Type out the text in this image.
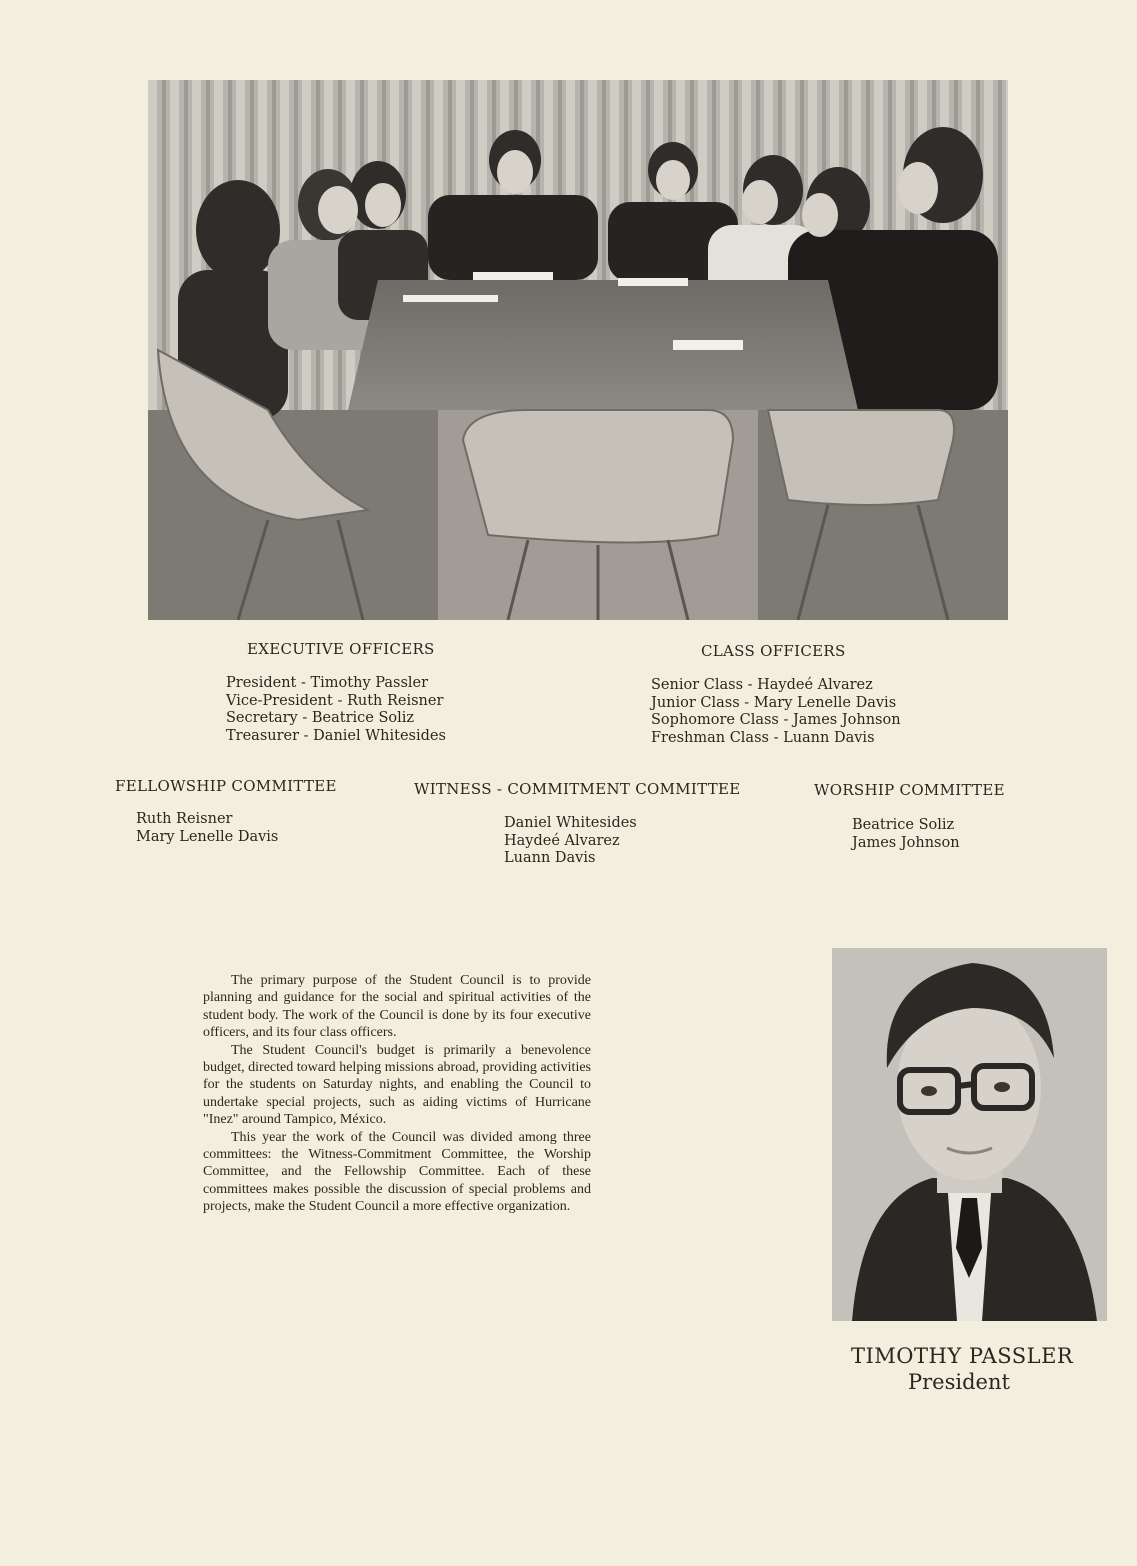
EXECUTIVE OFFICERS
President - Timothy Passler
Vice-President - Ruth Reisner
Secretary - Beatrice Soliz
Treasurer - Daniel Whitesides
CLASS OFFICERS
Senior Class - Haydeé Alvarez
Junior Class - Mary Lenelle Davis
Sophomore Class - James Johnson
Freshman Class - Luann Davis
FELLOWSHIP COMMITTEE
Ruth Reisner
Mary Lenelle Davis
WITNESS - COMMITMENT COMMITTEE
Daniel Whitesides
Haydeé Alvarez
Luann Davis
WORSHIP COMMITTEE
Beatrice Soliz
James Johnson

The primary purpose of the Student Council is to provide planning and guidance for the social and spiritual activities of the student body. The work of the Council is done by its four executive officers, and its four class officers.

The Student Council's budget is primarily a benevolence budget, directed toward helping missions abroad, providing activities for the students on Saturday nights, and enabling the Council to undertake special projects, such as aiding victims of Hurricane "Inez" around Tampico, México.

This year the work of the Council was divided among three committees: the Witness-Commitment Committee, the Worship Committee, and the Fellowship Committee. Each of these committees makes possible the discussion of special problems and projects, make the Student Council a more effective organization.

TIMOTHY PASSLER
President
